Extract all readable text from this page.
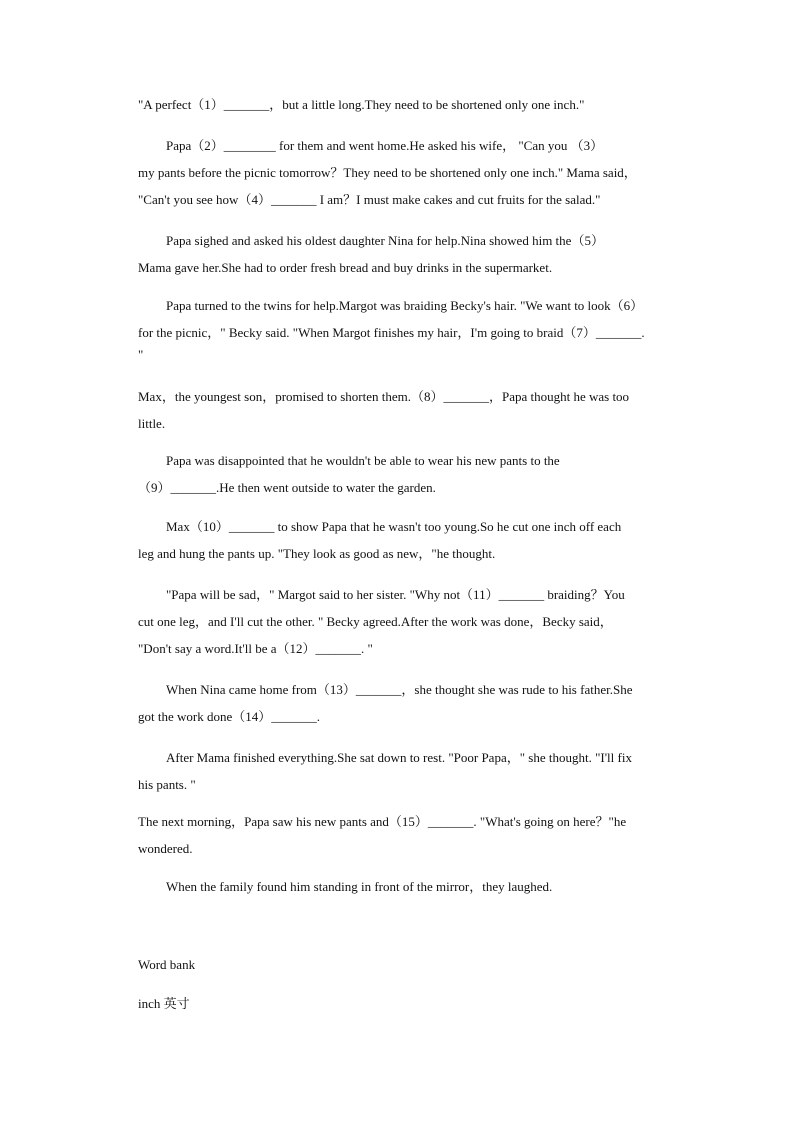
"A perfect（1）_______，but a little long.They need to be shortened only one inch."

Papa（2）________ for them and went home.He asked his wife， "Can you （3）
my pants before the picnic tomorrow？They need to be shortened only one inch." Mama said，
"Can't you see how（4）_______ I am？I must make cakes and cut fruits for the salad."

Papa sighed and asked his oldest daughter Nina for help.Nina showed him the（5）
Mama gave her.She had to order fresh bread and buy drinks in the supermarket.

Papa turned to the twins for help.Margot was braiding Becky's hair. "We want to look（6）
for the picnic，" Becky said. "When Margot finishes my hair，I'm going to braid（7）_______.
"

Max，the youngest son，promised to shorten them.（8）_______，Papa thought he was too
little.

Papa was disappointed that he wouldn't be able to wear his new pants to the
（9）_______.He then went outside to water the garden.

Max（10）_______ to show Papa that he wasn't too young.So he cut one inch off each
leg and hung the pants up. "They look as good as new，"he thought.

"Papa will be sad，" Margot said to her sister. "Why not（11）_______ braiding？You
cut one leg，and I'll cut the other. " Becky agreed.After the work was done，Becky said，
"Don't say a word.It'll be a（12）_______. "

When Nina came home from（13）_______，she thought she was rude to his father.She
got the work done（14）_______.

After Mama finished everything.She sat down to rest. "Poor Papa，" she thought. "I'll fix
his pants. "

The next morning，Papa saw his new pants and（15）_______. "What's going on here？"he
wondered.

When the family found him standing in front of the mirror，they laughed.

Word bank
inch 英寸
